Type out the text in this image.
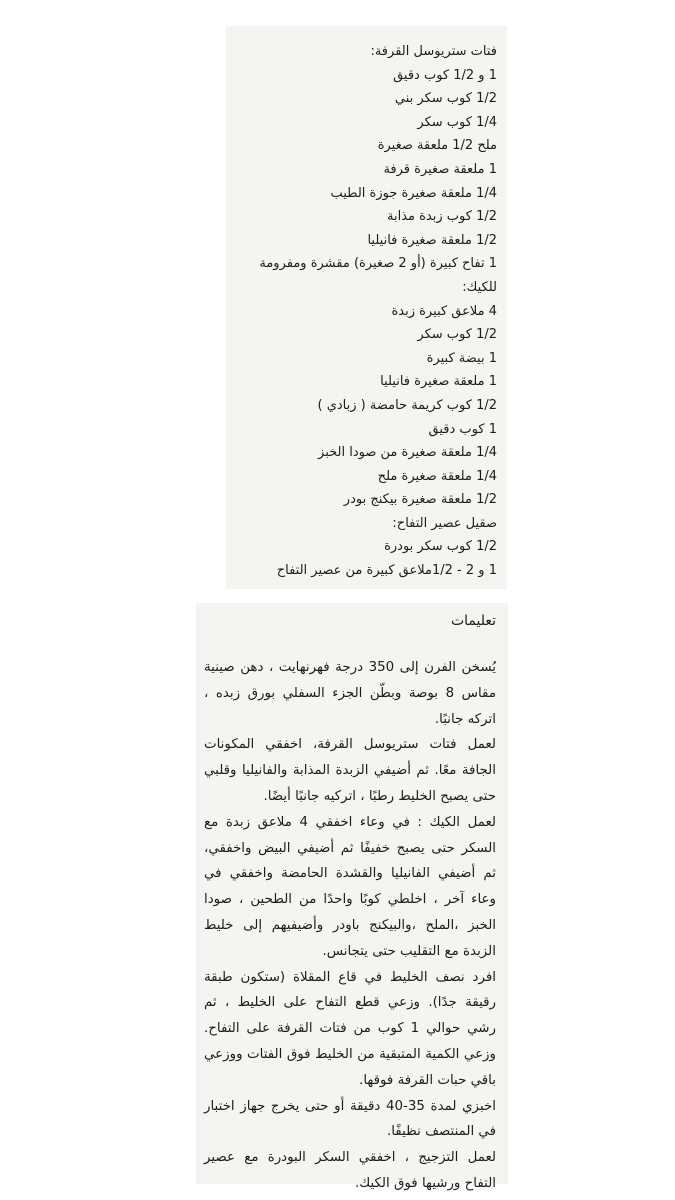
فتات ستريوسل القرفة:
1 و 1/2 كوب دقيق
1/2 كوب سكر بني
1/4 كوب سكر
ملح 1/2 ملعقة صغيرة
1 ملعقة صغيرة قرفة
1/4 ملعقة صغيرة جوزة الطيب
1/2 كوب زبدة مذابة
1/2 ملعقة صغيرة فانيليا
1 تفاح كبيرة (أو 2 صغيرة) مقشرة ومفرومة
للكيك:
4 ملاعق كبيرة زبدة
1/2 كوب سكر
1 بيضة كبيرة
1 ملعقة صغيرة فانيليا
1/2 كوب كريمة حامضة ( زبادي )
1 كوب دقيق
1/4 ملعقة صغيرة من صودا الخبز
1/4 ملعقة صغيرة ملح
1/2 ملعقة صغيرة بيكنج بودر
صقيل عصير التفاح:
1/2 كوب سكر بودرة
1 و 2 - 1/2ملاعق كبيرة من عصير التفاح
تعليمات
يُسخن الفرن إلى 350 درجة فهرنهايت ، دهن صينية مقاس 8 بوصة وبطّن الجزء السفلي بورق زبده ، اتركه جانبًا.
لعمل فتات ستريوسل القرفة، اخفقي المكونات الجافة معًا. ثم أضيفي الزبدة المذابة والفانيليا وقلبي حتى يصبح الخليط رطبًا ، اتركيه جانبًا أيضًا.
لعمل الكيك : في وعاء اخفقي 4 ملاعق زبدة مع السكر حتى يصبح خفيفًا ثم أضيفي البيض واخفقي، ثم أضيفي الفانيليا والقشدة الحامضة واخفقي في وعاء آخر ، اخلطي كوبًا واحدًا من الطحين ، صودا الخبز ،الملح ،والبيكنج باودر وأضيفيهم إلى خليط الزبدة مع التقليب حتى يتجانس.
افرد نصف الخليط في قاع المقلاة (ستكون طبقة رقيقة جدًا). وزعي قطع التفاح على الخليط ، ثم رشي حوالي 1 كوب من فتات القرفة على التفاح. وزعي الكمية المتبقية من الخليط فوق الفتات ووزعي باقي حبات القرفة فوقها.
اخبزي لمدة 35-40 دقيقة أو حتى يخرج جهاز اختبار في المنتصف نظيفًا.
لعمل التزجيج ، اخفقي السكر البودرة مع عصير التفاح ورشيها فوق الكيك.
